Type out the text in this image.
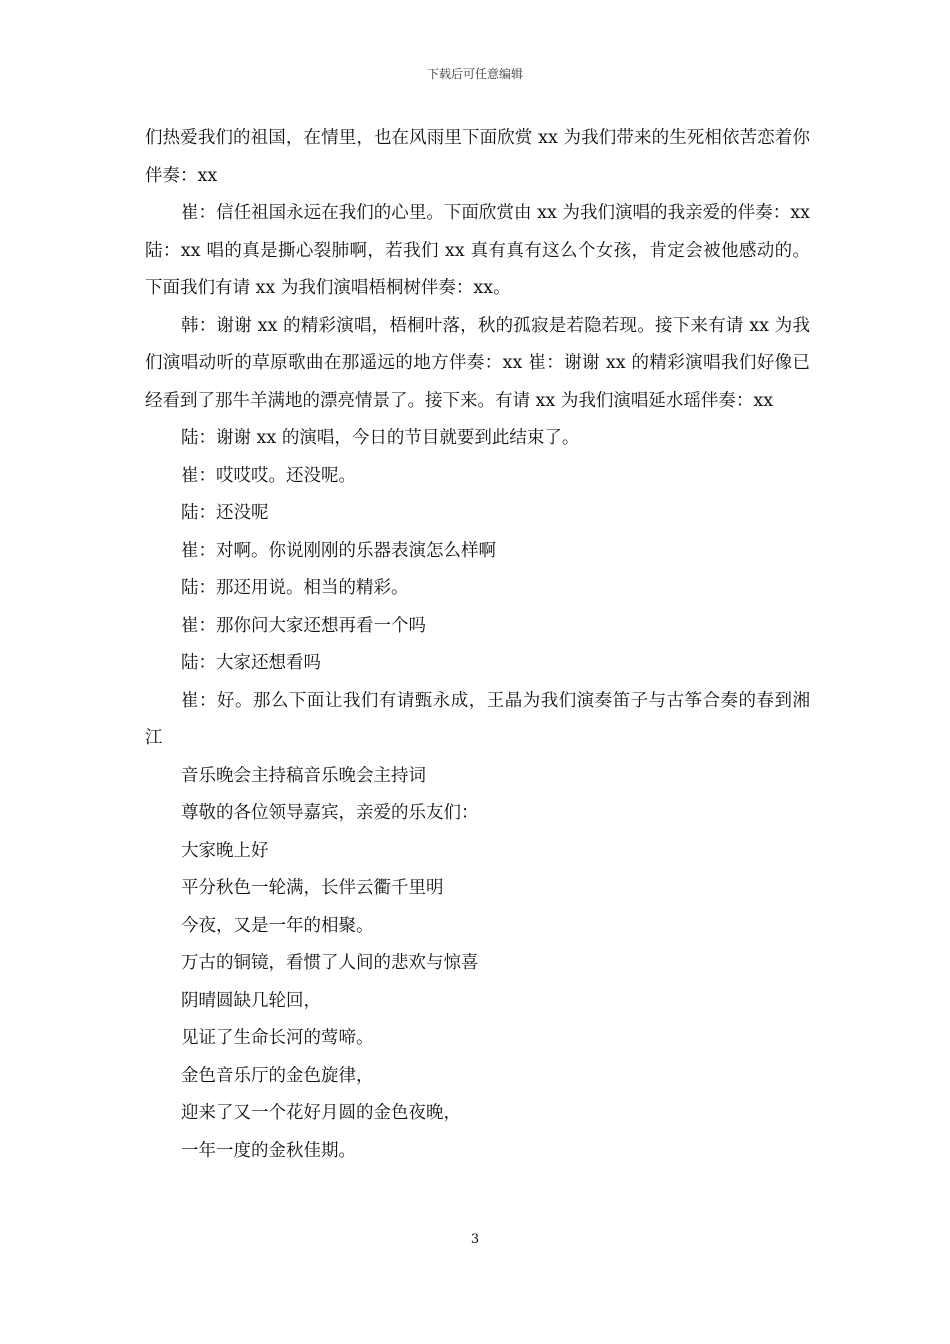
下载后可任意编辑

们热爱我们的祖国，在情里，也在风雨里下面欣赏 xx 为我们带来的生死相依苦恋着你伴奏：xx

崔：信任祖国永远在我们的心里。下面欣赏由 xx 为我们演唱的我亲爱的伴奏：xx 陆：xx 唱的真是撕心裂肺啊，若我们 xx 真有真有这么个女孩，肯定会被他感动的。下面我们有请 xx 为我们演唱梧桐树伴奏：xx。

韩：谢谢 xx 的精彩演唱，梧桐叶落，秋的孤寂是若隐若现。接下来有请 xx 为我们演唱动听的草原歌曲在那遥远的地方伴奏：xx 崔：谢谢 xx 的精彩演唱我们好像已经看到了那牛羊满地的漂亮情景了。接下来。有请 xx 为我们演唱延水瑶伴奏：xx

陆：谢谢 xx 的演唱，今日的节目就要到此结束了。

崔：哎哎哎。还没呢。

陆：还没呢

崔：对啊。你说刚刚的乐器表演怎么样啊

陆：那还用说。相当的精彩。

崔：那你问大家还想再看一个吗

陆：大家还想看吗

崔：好。那么下面让我们有请甄永成，王晶为我们演奏笛子与古筝合奏的春到湘江

音乐晚会主持稿音乐晚会主持词

尊敬的各位领导嘉宾，亲爱的乐友们：

大家晚上好

平分秋色一轮满，长伴云衢千里明

今夜，又是一年的相聚。

万古的铜镜，看惯了人间的悲欢与惊喜

阴晴圆缺几轮回，

见证了生命长河的莺啼。

金色音乐厅的金色旋律，

迎来了又一个花好月圆的金色夜晚，

一年一度的金秋佳期。

3
